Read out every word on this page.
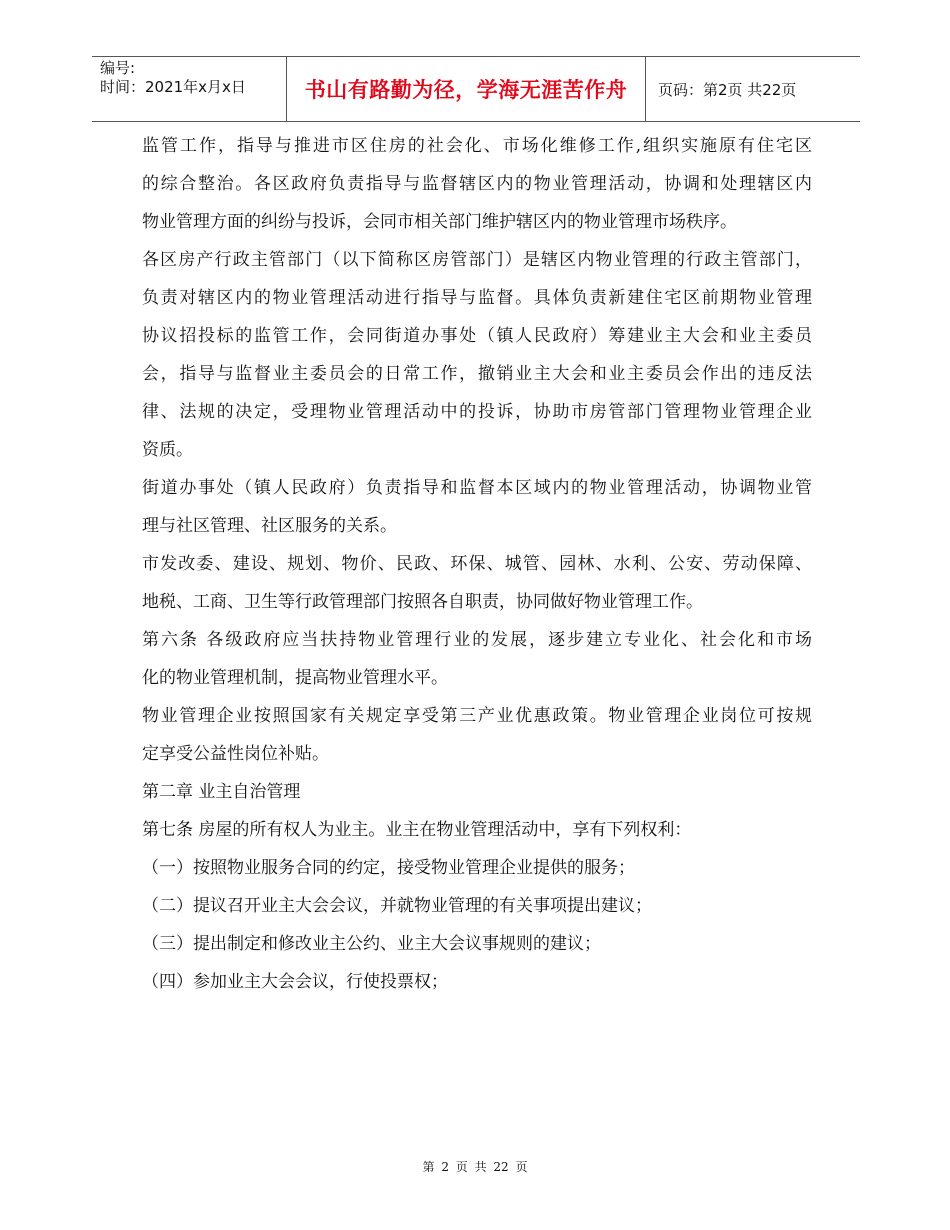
编号:
时间：2021年x月x日	书山有路勤为径，学海无涯苦作舟	页码：第2页 共22页
监管工作，指导与推进市区住房的社会化、市场化维修工作,组织实施原有住宅区
的综合整治。各区政府负责指导与监督辖区内的物业管理活动，协调和处理辖区内
物业管理方面的纠纷与投诉，会同市相关部门维护辖区内的物业管理市场秩序。
各区房产行政主管部门（以下简称区房管部门）是辖区内物业管理的行政主管部门，
负责对辖区内的物业管理活动进行指导与监督。具体负责新建住宅区前期物业管理
协议招投标的监管工作，会同街道办事处（镇人民政府）筹建业主大会和业主委员
会，指导与监督业主委员会的日常工作，撤销业主大会和业主委员会作出的违反法
律、法规的决定，受理物业管理活动中的投诉，协助市房管部门管理物业管理企业
资质。
街道办事处（镇人民政府）负责指导和监督本区域内的物业管理活动，协调物业管
理与社区管理、社区服务的关系。
市发改委、建设、规划、物价、民政、环保、城管、园林、水利、公安、劳动保障、
地税、工商、卫生等行政管理部门按照各自职责，协同做好物业管理工作。
第六条 各级政府应当扶持物业管理行业的发展，逐步建立专业化、社会化和市场
化的物业管理机制，提高物业管理水平。
物业管理企业按照国家有关规定享受第三产业优惠政策。物业管理企业岗位可按规
定享受公益性岗位补贴。
第二章 业主自治管理
第七条 房屋的所有权人为业主。业主在物业管理活动中，享有下列权利：
（一）按照物业服务合同的约定，接受物业管理企业提供的服务；
（二）提议召开业主大会会议，并就物业管理的有关事项提出建议；
（三）提出制定和修改业主公约、业主大会议事规则的建议；
（四）参加业主大会会议，行使投票权；
第 2 页 共 22 页
